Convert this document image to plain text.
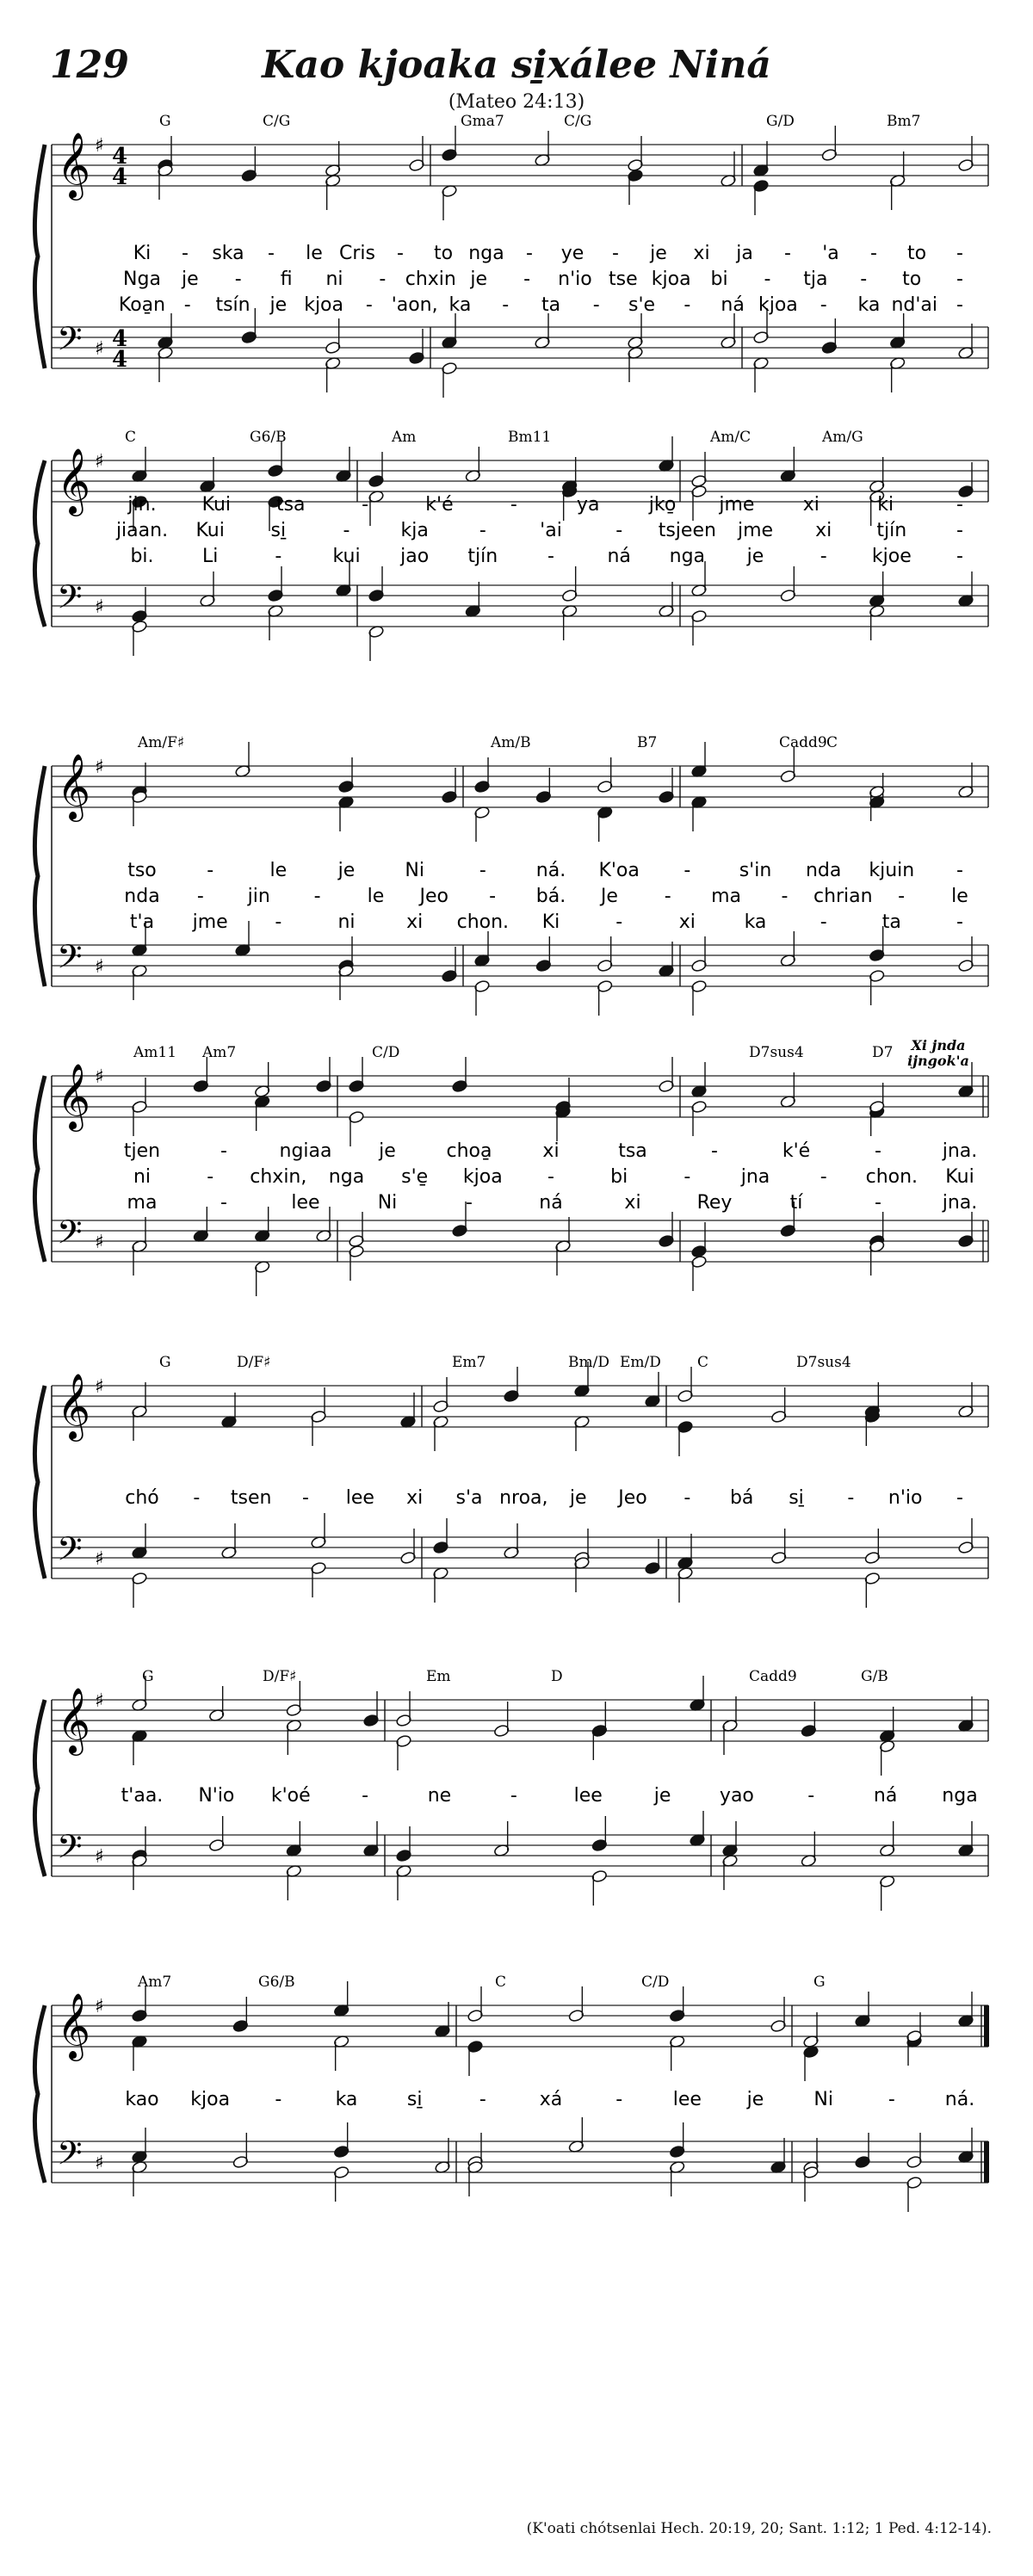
129	Kao kjoaka si̱xálee Niná
(Mateo 24:13)
𝄞 ♯ 4
4
𝄢 ♯ 4
4
G	C/G	Gma7	C/G	G/D	Bm7
Ki - ska - le Cris - to nga - ye - je xi ja - 'a - to -
Nga je - fi ni - chxin je - n'io tse kjoa bi - tja - to -
Koa̱n - tsín je kjoa - 'aon, ka - ta - s'e - ná kjoa - ka nd'ai -
𝄞 ♯
𝄢 ♯
C	G6/B	Am	Bm11	Am/C	Am/G
jin. Kui tsa	-	k'é	-	ya	jko̱ jme	xi	ki	-
jiaan. Kui si̱	-	kja	-	'ai	- tsjeen jme xi tjín	-
bi.	Li	-	kui jao tjín	-	ná nga je	- kjoe -
𝄞 ♯
𝄢 ♯
Am/F♯	Am/B	B7	Cadd9 C
tso	-	le	je	Ni	-	ná. K'oa -	s'in nda kjuin -
nda - jin - le Jeo - bá. Je - ma - chrian - le
t'a jme -	ni	xi chon. Ki	-	xi	ka	-	ta	-
𝄞 ♯
𝄢 ♯
Am11 Am7	C/D	D7sus4	D7 Xi jnda
ijngok'a
tjen	-	ngiaa je	choa̱	xi	tsa	-	k'é	-	jna.
ni	- chxin, nga s'e̱ kjoa -	bi	-	jna	- chon. Kui
ma	-	lee	Ni	-	ná	xi	Rey	tí	-	jna.
𝄞 ♯
𝄢 ♯
G	D/F♯	Em7	Bm/D Em/D C	D7sus4
chó - tsen - lee xi s'a nroa, je Jeo - bá si̱ - n'io -
𝄞 ♯
𝄢 ♯
G	D/F♯	Em	D	Cadd9	G/B
t'aa. N'io k'oé	-	ne	-	lee	je	yao	-	ná nga
𝄞 ♯
𝄢 ♯
Am7	G6/B	C	C/D	G
kao kjoa -	ka	si̱	-	xá	-	lee je	Ni	-	ná.
(K'oati chótsenlai Hech. 20:19, 20; Sant. 1:12; 1 Ped. 4:12-14).
